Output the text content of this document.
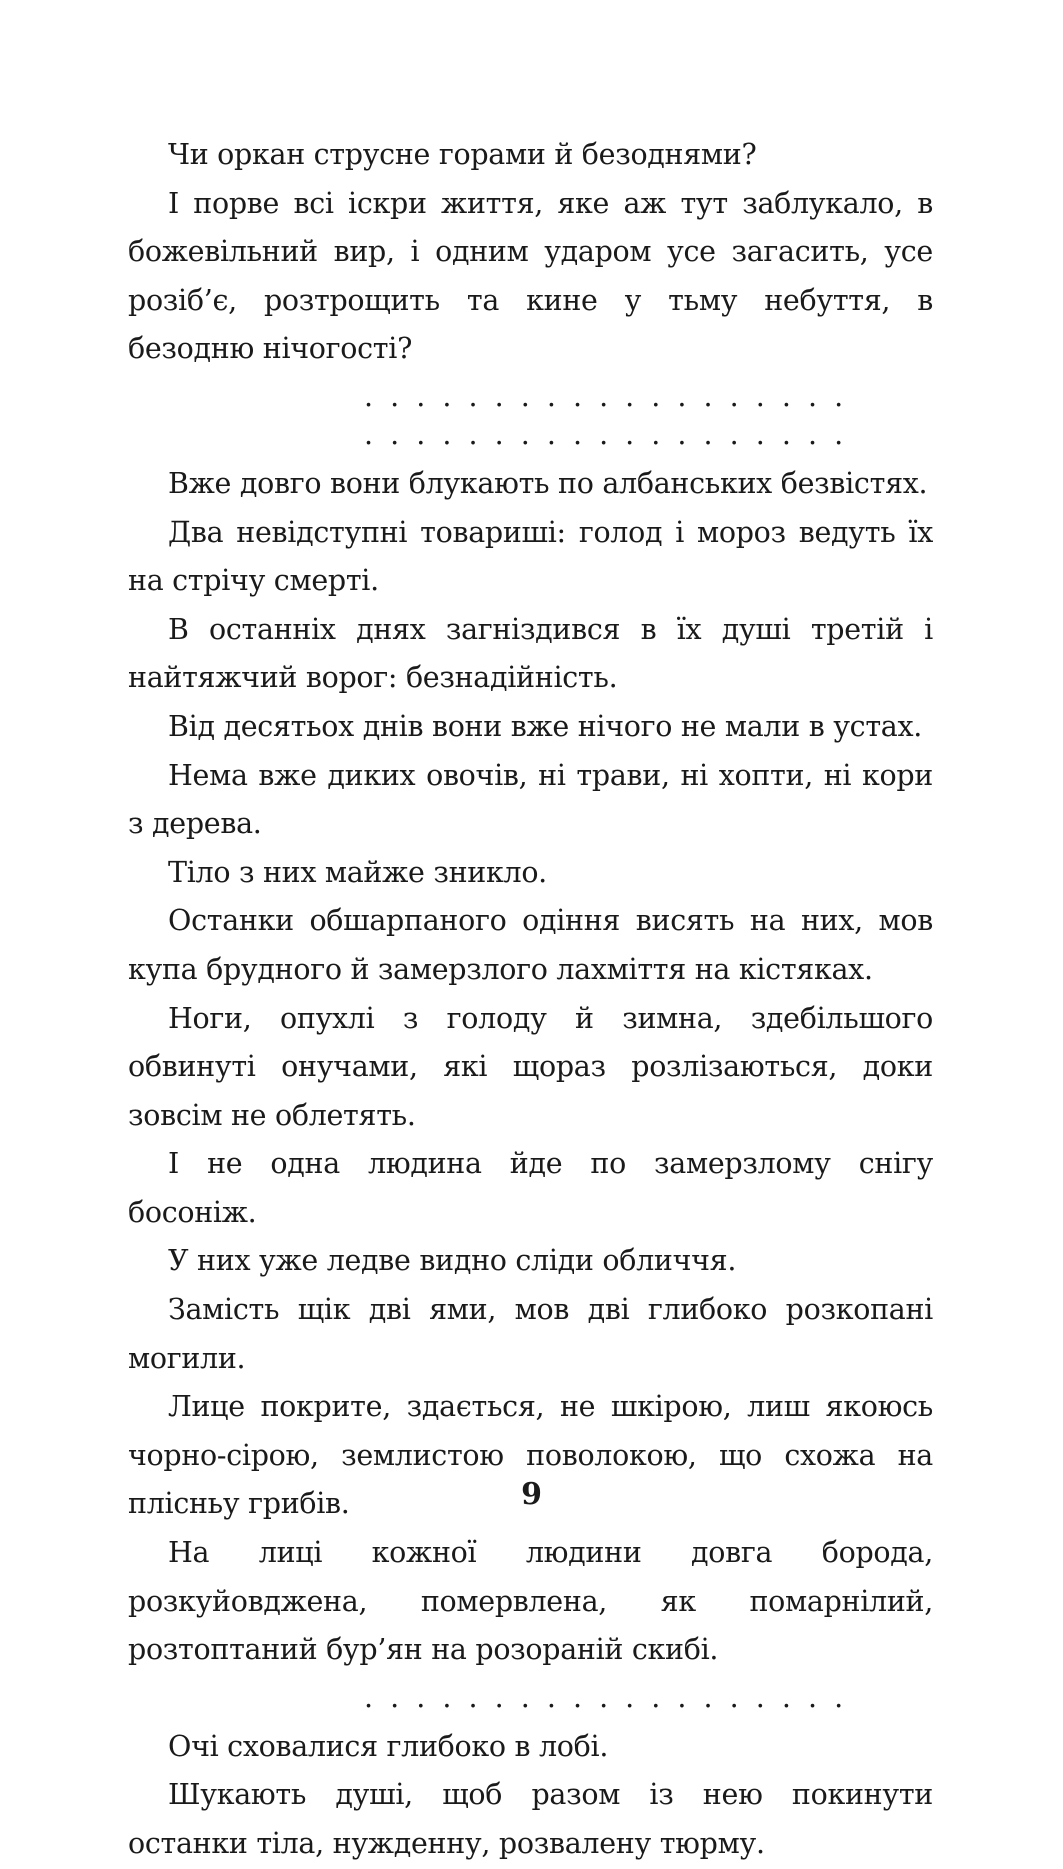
Чи оркан струсне горами й безоднями?

І порве всі іскри життя, яке аж тут заблукало, в божевільний вир, і одним ударом усе загасить, усе розіб’є, розтрощить та кине у тьму небуття, в безодню нічогості?

. . . . . . . . . . . . . . . . . . .

. . . . . . . . . . . . . . . . . . .

Вже довго вони блукають по албанських безвістях.

Два невідступні товариші: голод і мороз ведуть їх на стрічу смерті.

В останніх днях загніздився в їх душі третій і найтяжчий ворог: безнадійність.

Від десятьох днів вони вже нічого не мали в устах.

Нема вже диких овочів, ні трави, ні хопти, ні кори з дерева.

Тіло з них майже зникло.

Останки обшарпаного одіння висять на них, мов купа брудного й замерзлого лахміття на кістяках.

Ноги, опухлі з голоду й зимна, здебільшого обвинуті онучами, які щораз розлізаються, доки зовсім не облетять.

І не одна людина йде по замерзлому снігу босоніж.

У них уже ледве видно сліди обличчя.

Замість щік дві ями, мов дві глибоко розкопані могили.

Лице покрите, здається, не шкірою, лиш якоюсь чорно-сірою, землистою поволокою, що схожа на плісньу грибів.

На лиці кожної людини довга борода, розкуйовджена, помервлена, як помарнілий, розтоптаний бур’ян на розораній скибі.

. . . . . . . . . . . . . . . . . . .

Очі сховалися глибоко в лобі.

Шукають душі, щоб разом із нею покинути останки тіла, нужденну, розвалену тюрму.

9
